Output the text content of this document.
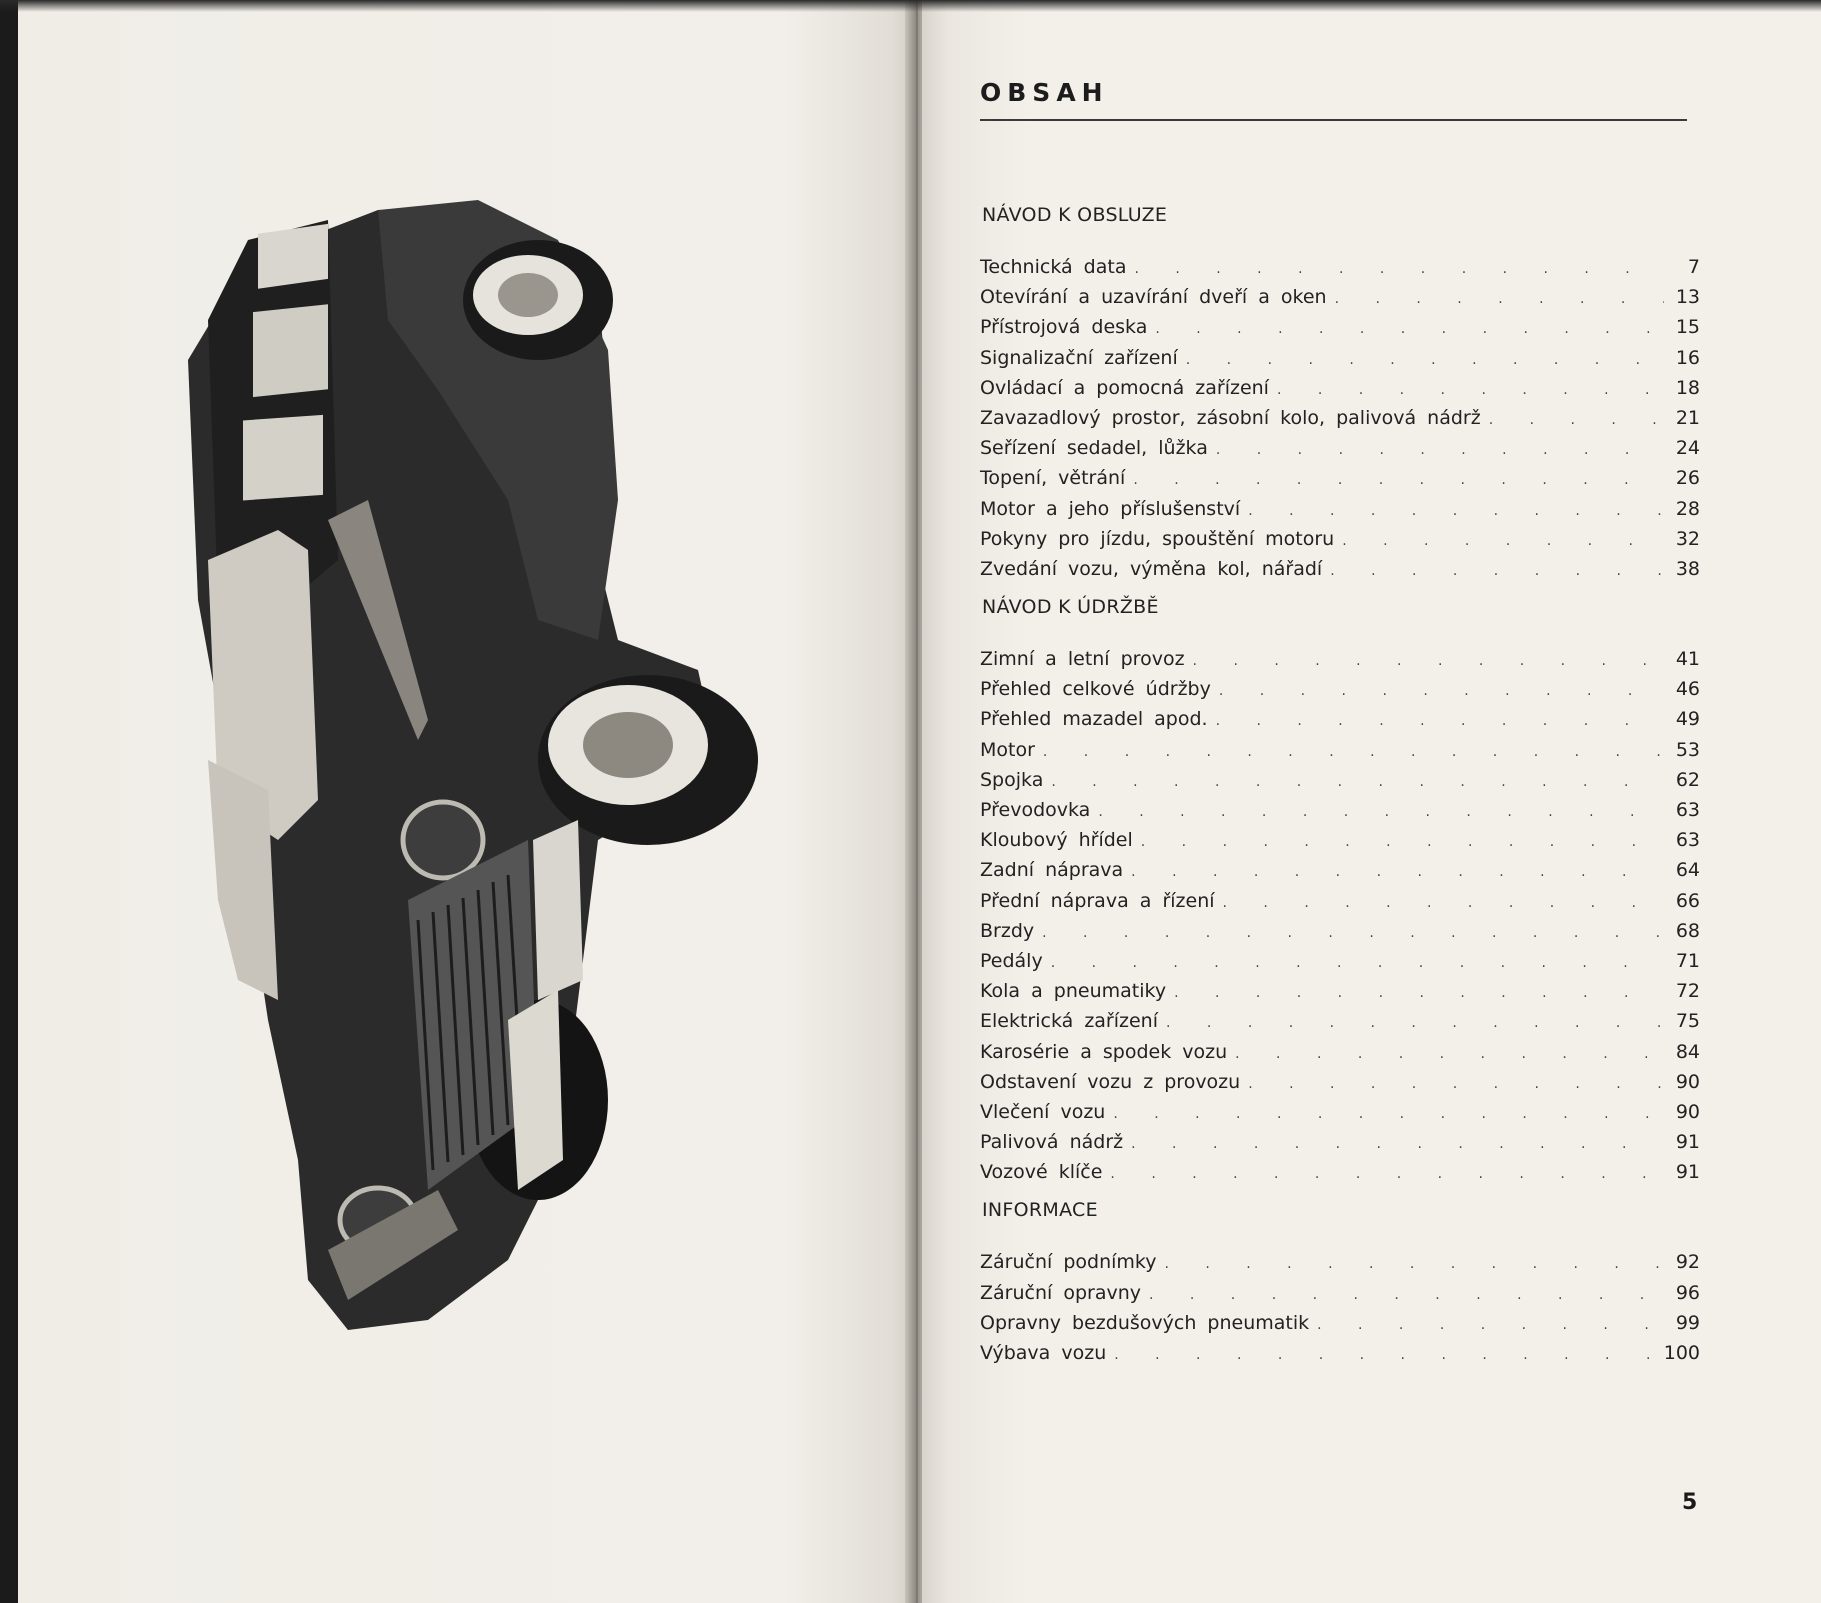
OBSAH
NÁVOD K OBSLUZE
Technická data . . .	7
Otevírání a uzavírání dveří a oken . . .	13
Přístrojová deska . . .	15
Signalizační zařízení . . .	16
Ovládací a pomocná zařízení . . .	18
Zavazadlový prostor, zásobní kolo, palivová nádrž . . .	21
Seřízení sedadel, lůžka . . .	24
Topení, větrání . . .	26
Motor a jeho příslušenství . . .	28
Pokyny pro jízdu, spouštění motoru . . .	32
Zvedání vozu, výměna kol, nářadí . . .	38
NÁVOD K ÚDRŽBĚ
Zimní a letní provoz . . .	41
Přehled celkové údržby . . .	46
Přehled mazadel apod. . . .	49
Motor . . .	53
Spojka . . .	62
Převodovka . . .	63
Kloubový hřídel . . .	63
Zadní náprava . . .	64
Přední náprava a řízení . . .	66
Brzdy . . .	68
Pedály . . .	71
Kola a pneumatiky . . .	72
Elektrická zařízení . . .	75
Karosérie a spodek vozu . . .	84
Odstavení vozu z provozu . . .	90
Vlečení vozu . . .	90
Palivová nádrž . . .	91
Vozové klíče . . .	91
INFORMACE
Záruční podnímky . . .	92
Záruční opravny . . .	96
Opravny bezdušových pneumatik . . .	99
Výbava vozu . . .	100
5
